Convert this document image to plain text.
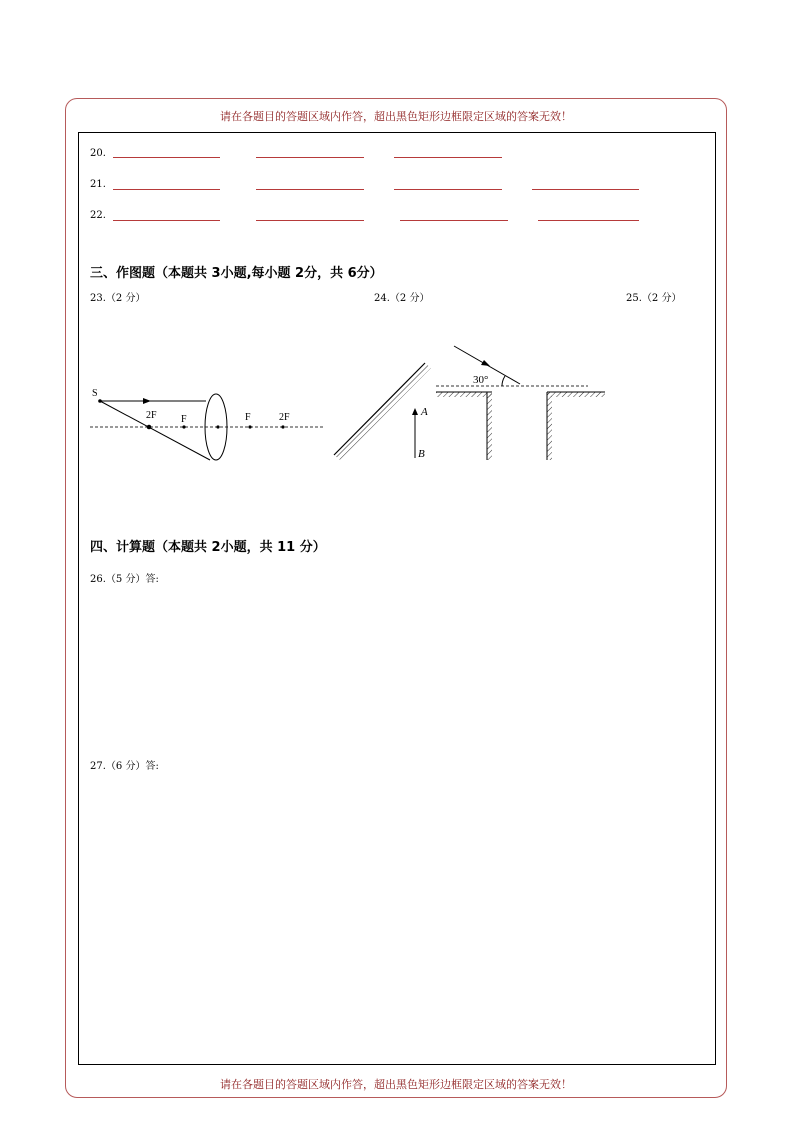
请在各题目的答题区域内作答，超出黑色矩形边框限定区域的答案无效！
20.
21.
22.
三、作图题（本题共 3小题,每小题 2分，共 6分）
23.（2 分）	24.（2 分）	25.（2 分）
S
2F F	F	2F	A
B
30°
四、计算题（本题共 2小题，共 11 分）
26.（5 分）答:
27.（6 分）答:
请在各题目的答题区域内作答，超出黑色矩形边框限定区域的答案无效！
